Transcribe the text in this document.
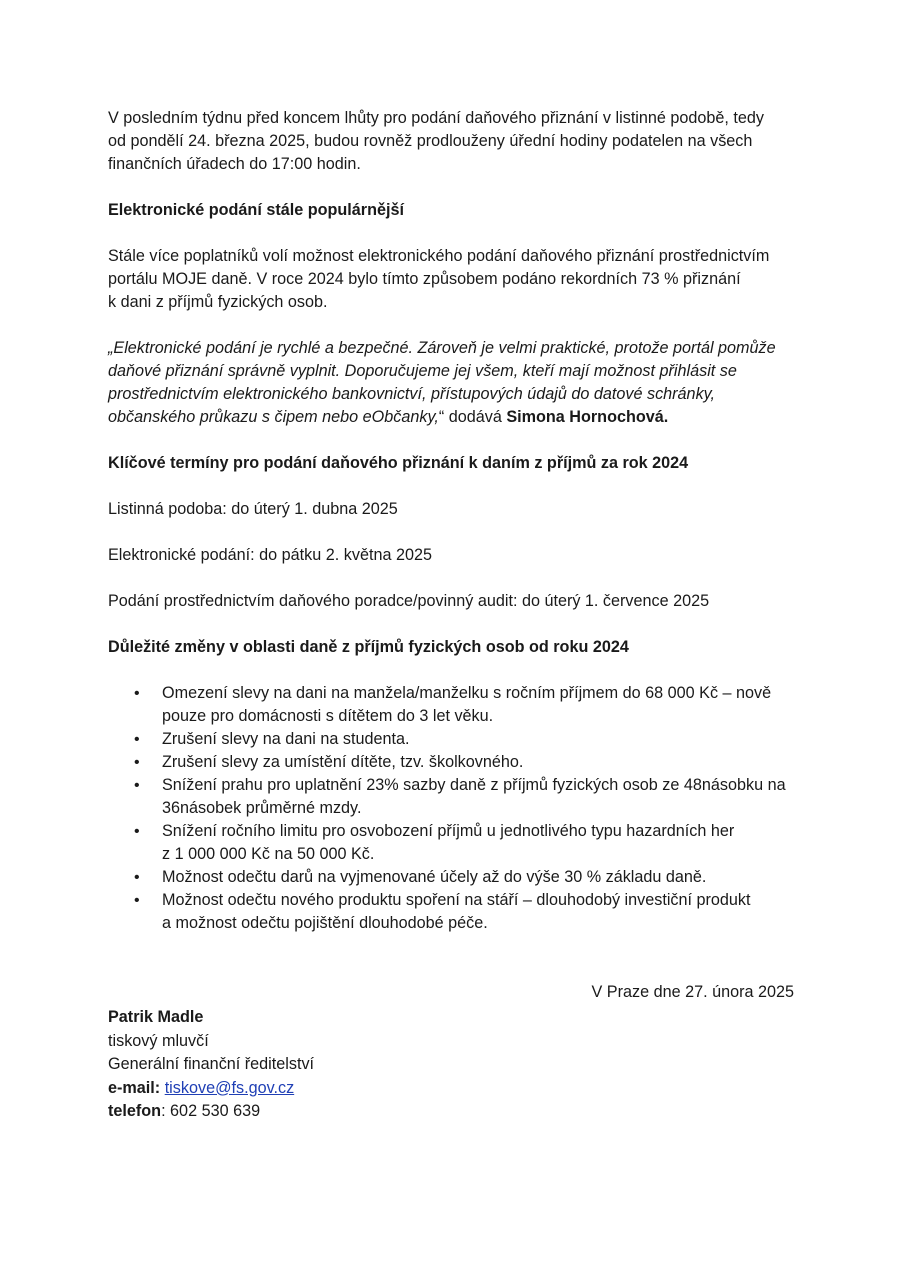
V posledním týdnu před koncem lhůty pro podání daňového přiznání v listinné podobě, tedy
od pondělí 24. března 2025, budou rovněž prodlouženy úřední hodiny podatelen na všech
finančních úřadech do 17:00 hodin.

Elektronické podání stále populárnější

Stále více poplatníků volí možnost elektronického podání daňového přiznání prostřednictvím
portálu MOJE daně. V roce 2024 bylo tímto způsobem podáno rekordních 73 % přiznání
k dani z příjmů fyzických osob.

„Elektronické podání je rychlé a bezpečné. Zároveň je velmi praktické, protože portál pomůže
daňové přiznání správně vyplnit. Doporučujeme jej všem, kteří mají možnost přihlásit se
prostřednictvím elektronického bankovnictví, přístupových údajů do datové schránky,
občanského průkazu s čipem nebo eObčanky,“ dodává Simona Hornochová.

Klíčové termíny pro podání daňového přiznání k daním z příjmů za rok 2024

Listinná podoba: do úterý 1. dubna 2025

Elektronické podání: do pátku 2. května 2025

Podání prostřednictvím daňového poradce/povinný audit: do úterý 1. července 2025

Důležité změny v oblasti daně z příjmů fyzických osob od roku 2024

• Omezení slevy na dani na manžela/manželku s ročním příjmem do 68 000 Kč – nově
pouze pro domácnosti s dítětem do 3 let věku.
• Zrušení slevy na dani na studenta.
• Zrušení slevy za umístění dítěte, tzv. školkovného.
• Snížení prahu pro uplatnění 23% sazby daně z příjmů fyzických osob ze 48násobku na
36násobek průměrné mzdy.
• Snížení ročního limitu pro osvobození příjmů u jednotlivého typu hazardních her
z 1 000 000 Kč na 50 000 Kč.
• Možnost odečtu darů na vyjmenované účely až do výše 30 % základu daně.
• Možnost odečtu nového produktu spoření na stáří – dlouhodobý investiční produkt
a možnost odečtu pojištění dlouhodobé péče.

V Praze dne 27. února 2025

Patrik Madle

tiskový mluvčí

Generální finanční ředitelství

e-mail: tiskove@fs.gov.cz

telefon: 602 530 639
